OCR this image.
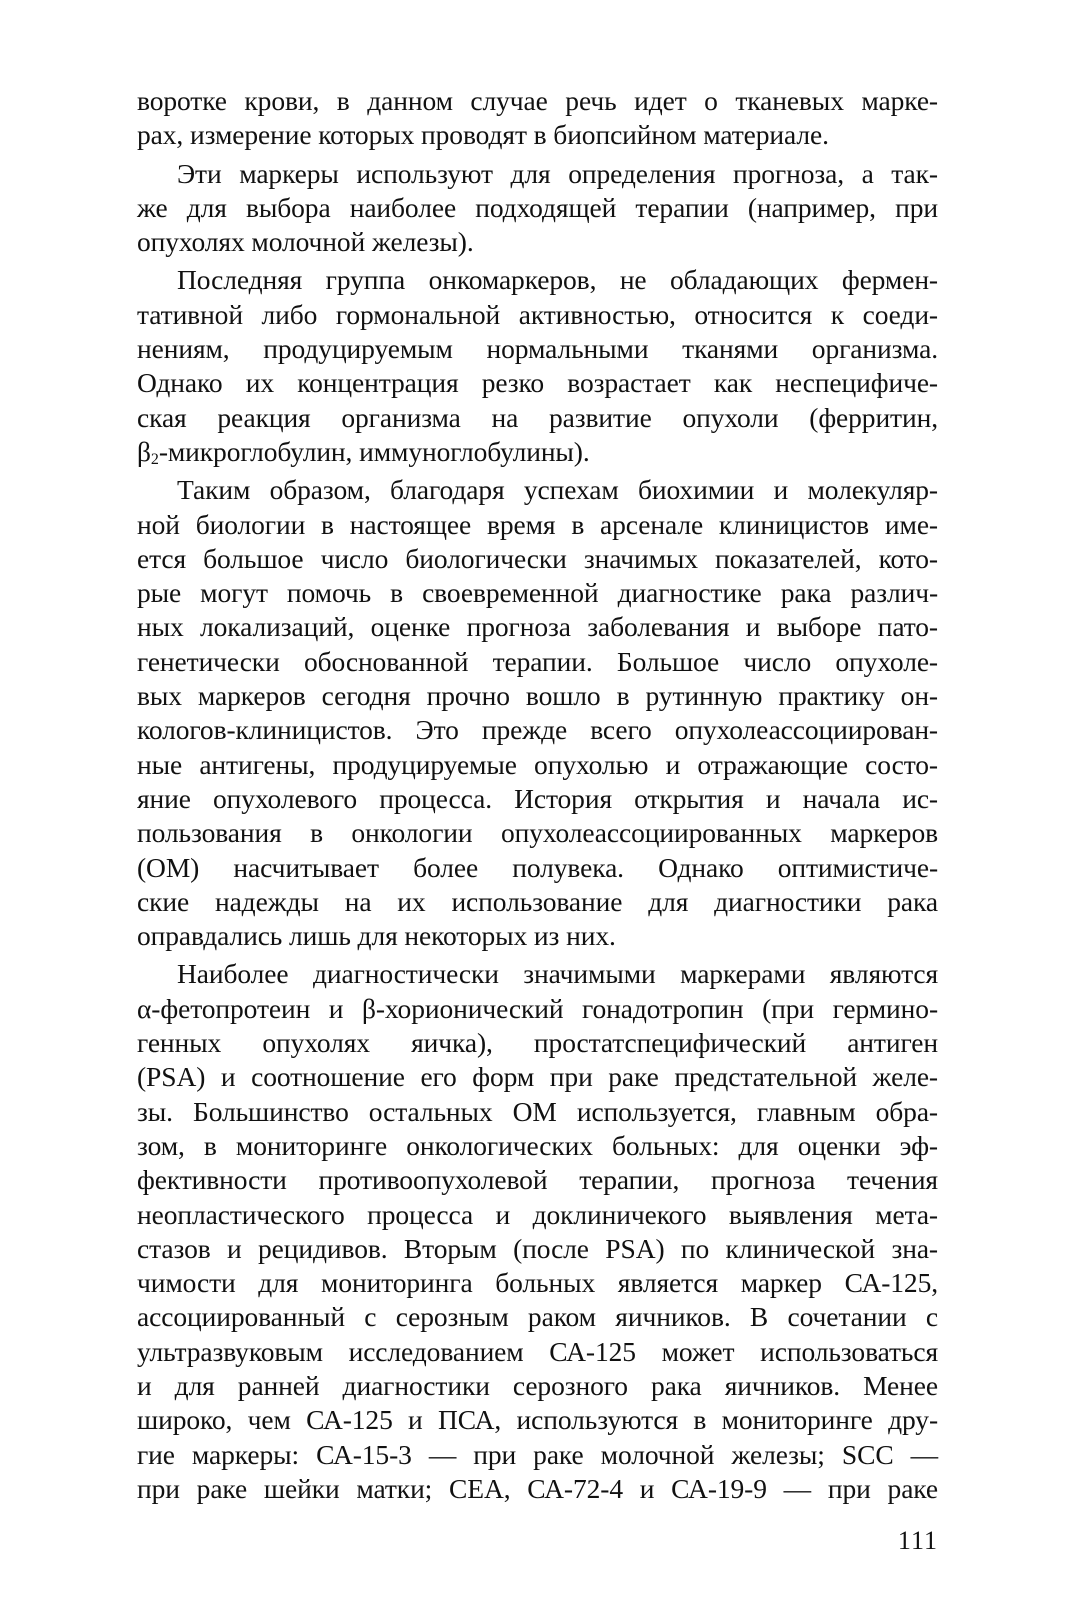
воротке крови, в данном случае речь идет о тканевых марке-
рах, измерение которых проводят в биопсийном материале.
Эти маркеры используют для определения прогноза, а так-
же для выбора наиболее подходящей терапии (например, при
опухолях молочной железы).
Последняя группа онкомаркеров, не обладающих фермен-
тативной либо гормональной активностью, относится к соеди-
нениям, продуцируемым нормальными тканями организма.
Однако их концентрация резко возрастает как неспецифиче-
ская реакция организма на развитие опухоли (ферритин,
$\beta_2$-микроглобулин, иммуноглобулины).
Таким образом, благодаря успехам биохимии и молекуляр-
ной биологии в настоящее время в арсенале клиницистов име-
ется большое число биологически значимых показателей, кото-
рые могут помочь в своевременной диагностике рака различ-
ных локализаций, оценке прогноза заболевания и выборе пато-
генетически обоснованной терапии. Большое число опухоле-
вых маркеров сегодня прочно вошло в рутинную практику он-
кологов-клиницистов. Это прежде всего опухолеассоциирован-
ные антигены, продуцируемые опухолью и отражающие состо-
яние опухолевого процесса. История открытия и начала ис-
пользования в онкологии опухолеассоциированных маркеров
(ОМ) насчитывает более полувека. Однако оптимистиче-
ские надежды на их использование для диагностики рака
оправдались лишь для некоторых из них.
Наиболее диагностически значимыми маркерами являются
α-фетопротеин и β-хорионический гонадотропин (при гермино-
генных опухолях яичка), простатспецифический антиген
(PSA) и соотношение его форм при раке предстательной желе-
зы. Большинство остальных ОМ используется, главным обра-
зом, в мониторинге онкологических больных: для оценки эф-
фективности противоопухолевой терапии, прогноза течения
неопластического процесса и доклиничекого выявления мета-
стазов и рецидивов. Вторым (после PSA) по клинической зна-
чимости для мониторинга больных является маркер СА-125,
ассоциированный с серозным раком яичников. В сочетании с
ультразвуковым исследованием СА-125 может использоваться
и для ранней диагностики серозного рака яичников. Менее
широко, чем СА-125 и ПСА, используются в мониторинге дру-
гие маркеры: СА-15-3 — при раке молочной железы; SCC —
при раке шейки матки; СЕА, СА-72-4 и СА-19-9 — при раке
111
